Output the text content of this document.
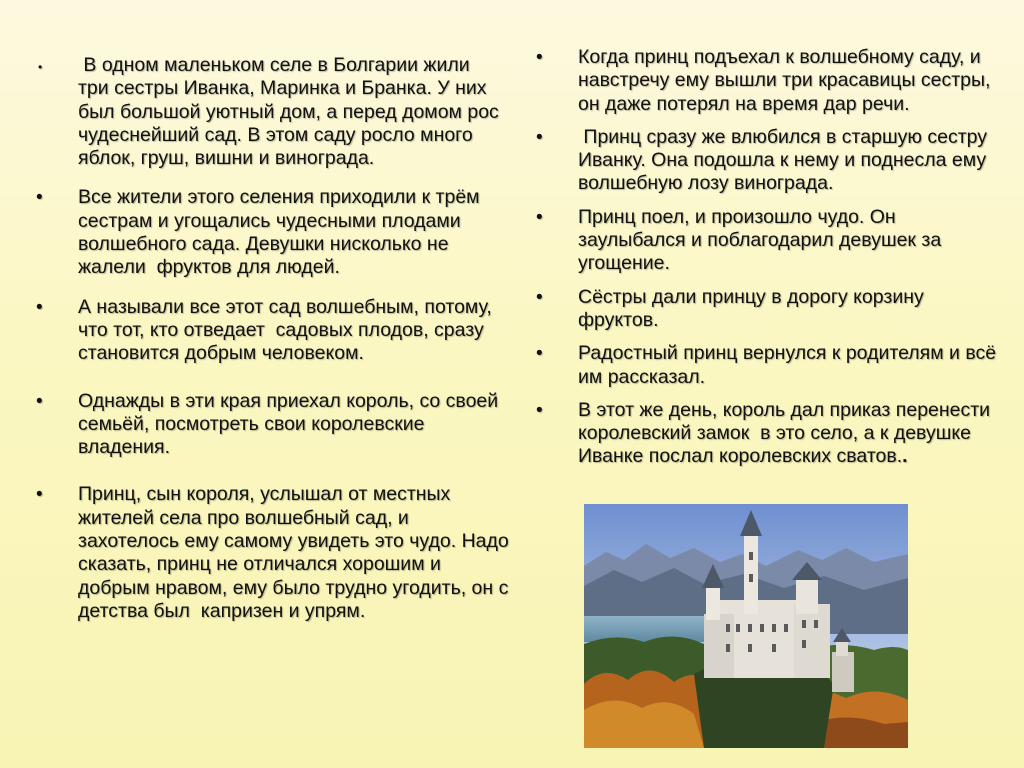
• В одном маленьком селе в Болгарии жили    три сестры Иванка, Маринка и Бранка. У них был большой уютный дом, а перед домом рос чудеснейший сад. В этом саду росло много яблок, груш, вишни и винограда.
• Все жители этого селения приходили к трём сестрам и угощались чудесными плодами волшебного сада. Девушки нисколько не жалели  фруктов для людей.
• А называли все этот сад волшебным, потому, что тот, кто отведает  садовых плодов, сразу становится добрым человеком.
• Однажды в эти края приехал король, со своей семьёй, посмотреть свои королевские владения.
• Принц, сын короля, услышал от местных жителей села про волшебный сад, и захотелось ему самому увидеть это чудо. Надо сказать, принц не отличался хорошим и добрым нравом, ему было трудно угодить, он с детства был  капризен и упрям.
• Когда принц подъехал к волшебному саду, и навстречу ему вышли три красавицы сестры, он даже потерял на время дар речи.
• Принц сразу же влюбился в старшую сестру Иванку. Она подошла к нему и поднесла ему волшебную лозу винограда.
• Принц поел, и произошло чудо. Он заулыбался и поблагодарил девушек за угощение.
• Сёстры дали принцу в дорогу корзину фруктов.
• Радостный принц вернулся к родителям и всё им рассказал.
• В этот же день, король дал приказ перенести королевский замок  в это село, а к девушке Иванке послал королевских сватов..
